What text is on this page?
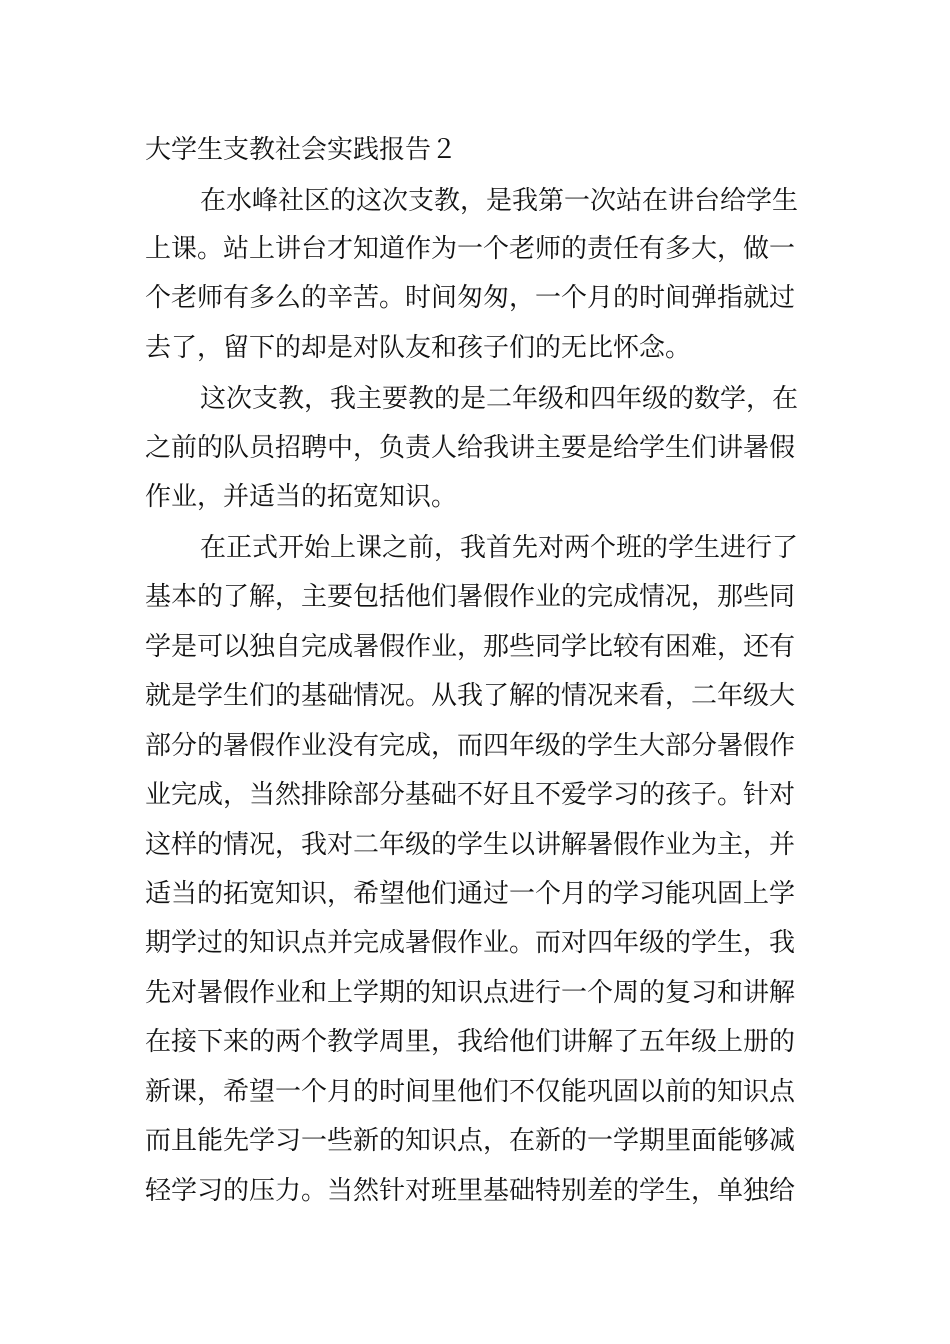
大学生支教社会实践报告２
在水峰社区的这次支教，是我第一次站在讲台给学生
上课。站上讲台才知道作为一个老师的责任有多大，做一
个老师有多么的辛苦。时间匆匆，一个月的时间弹指就过
去了，留下的却是对队友和孩子们的无比怀念。
这次支教，我主要教的是二年级和四年级的数学，在
之前的队员招聘中，负责人给我讲主要是给学生们讲暑假
作业，并适当的拓宽知识。
在正式开始上课之前，我首先对两个班的学生进行了
基本的了解，主要包括他们暑假作业的完成情况，那些同
学是可以独自完成暑假作业，那些同学比较有困难，还有
就是学生们的基础情况。从我了解的情况来看，二年级大
部分的暑假作业没有完成，而四年级的学生大部分暑假作
业完成，当然排除部分基础不好且不爱学习的孩子。针对
这样的情况，我对二年级的学生以讲解暑假作业为主，并
适当的拓宽知识，希望他们通过一个月的学习能巩固上学
期学过的知识点并完成暑假作业。而对四年级的学生，我
先对暑假作业和上学期的知识点进行一个周的复习和讲解
在接下来的两个教学周里，我给他们讲解了五年级上册的
新课，希望一个月的时间里他们不仅能巩固以前的知识点
而且能先学习一些新的知识点，在新的一学期里面能够减
轻学习的压力。当然针对班里基础特别差的学生，单独给
